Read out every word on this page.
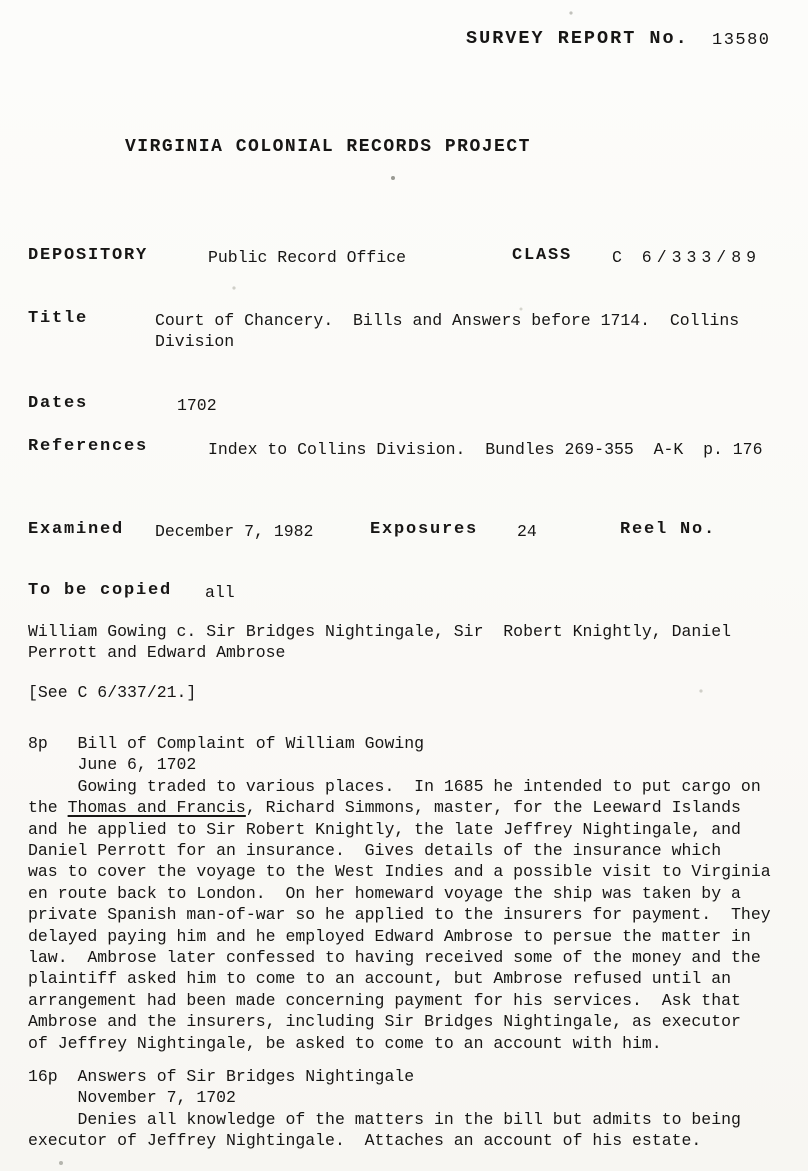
SURVEY REPORT No. 13580
VIRGINIA COLONIAL RECORDS PROJECT
DEPOSITORY	Public Record Office	CLASS C 6/333/89
Title	Court of Chancery.  Bills and Answers before 1714.  Collins
Division
Dates	1702
References	Index to Collins Division.  Bundles 269-355  A-K  p. 176
Examined December 7, 1982	Exposures 24	Reel No.
To be copied all
William Gowing c. Sir Bridges Nightingale, Sir  Robert Knightly, Daniel
Perrott and Edward Ambrose
[See C 6/337/21.]
8p   Bill of Complaint of William Gowing
June 6, 1702
Gowing traded to various places.  In 1685 he intended to put cargo on
the Thomas and Francis, Richard Simmons, master, for the Leeward Islands
and he applied to Sir Robert Knightly, the late Jeffrey Nightingale, and
Daniel Perrott for an insurance.  Gives details of the insurance which
was to cover the voyage to the West Indies and a possible visit to Virginia
en route back to London.  On her homeward voyage the ship was taken by a
private Spanish man-of-war so he applied to the insurers for payment.  They
delayed paying him and he employed Edward Ambrose to persue the matter in
law.  Ambrose later confessed to having received some of the money and the
plaintiff asked him to come to an account, but Ambrose refused until an
arrangement had been made concerning payment for his services.  Ask that
Ambrose and the insurers, including Sir Bridges Nightingale, as executor
of Jeffrey Nightingale, be asked to come to an account with him.
16p  Answers of Sir Bridges Nightingale
November 7, 1702
Denies all knowledge of the matters in the bill but admits to being
executor of Jeffrey Nightingale.  Attaches an account of his estate.
